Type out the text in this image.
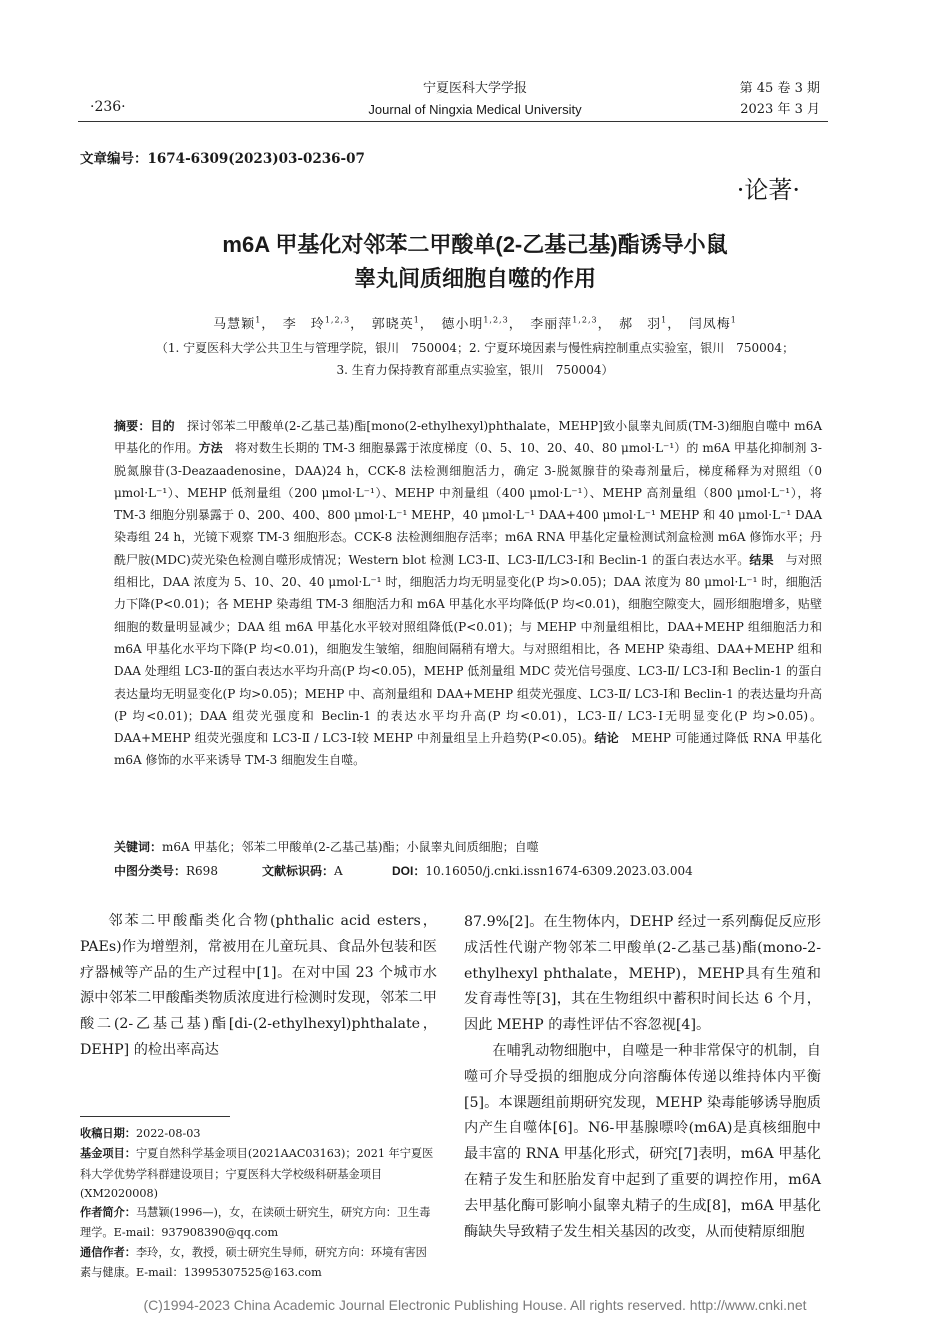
·236·
宁夏医科大学学报
Journal of Ningxia Medical University
第 45 卷 3 期
2023 年 3 月
文章编号：1674-6309(2023)03-0236-07
·论著·
m6A 甲基化对邻苯二甲酸单(2-乙基己基)酯诱导小鼠
睾丸间质细胞自噬的作用
马慧颖$^1$，　李　玲$^{1,2,3}$，　郭晓英$^1$，　德小明$^{1,2,3}$，　李丽萍$^{1,2,3}$，　郝　羽$^1$，　闫凤梅$^1$
（1. 宁夏医科大学公共卫生与管理学院，银川　750004；2. 宁夏环境因素与慢性病控制重点实验室，银川　750004；
3. 生育力保持教育部重点实验室，银川　750004）
摘要：目的　探讨邻苯二甲酸单(2-乙基己基)酯[mono(2-ethylhexyl)phthalate，MEHP]致小鼠睾丸间质(TM-3)细胞自噬中 m6A 甲基化的作用。方法　将对数生长期的 TM-3 细胞暴露于浓度梯度（0、5、10、20、40、80 μmol·L⁻¹）的 m6A 甲基化抑制剂 3-脱氮腺苷(3-Deazaadenosine，DAA)24 h，CCK-8 法检测细胞活力，确定 3-脱氮腺苷的染毒剂量后，梯度稀释为对照组（0 μmol·L⁻¹）、MEHP 低剂量组（200 μmol·L⁻¹）、MEHP 中剂量组（400 μmol·L⁻¹）、MEHP 高剂量组（800 μmol·L⁻¹），将 TM-3 细胞分别暴露于 0、200、400、800 μmol·L⁻¹ MEHP，40 μmol·L⁻¹ DAA+400 μmol·L⁻¹ MEHP 和 40 μmol·L⁻¹ DAA 染毒组 24 h，光镜下观察 TM-3 细胞形态。CCK-8 法检测细胞存活率；m6A RNA 甲基化定量检测试剂盒检测 m6A 修饰水平；丹酰尸胺(MDC)荧光染色检测自噬形成情况；Western blot 检测 LC3-Ⅱ、LC3-Ⅱ/LC3-Ⅰ和 Beclin-1 的蛋白表达水平。结果　与对照组相比，DAA 浓度为 5、10、20、40 μmol·L⁻¹ 时，细胞活力均无明显变化(P 均>0.05)；DAA 浓度为 80 μmol·L⁻¹ 时，细胞活力下降(P<0.01)；各 MEHP 染毒组 TM-3 细胞活力和 m6A 甲基化水平均降低(P 均<0.01)，细胞空隙变大，圆形细胞增多，贴壁细胞的数量明显减少；DAA 组 m6A 甲基化水平较对照组降低(P<0.01)；与 MEHP 中剂量组相比，DAA+MEHP 组细胞活力和 m6A 甲基化水平均下降(P 均<0.01)，细胞发生皱缩，细胞间隔稍有增大。与对照组相比，各 MEHP 染毒组、DAA+MEHP 组和 DAA 处理组 LC3-Ⅱ的蛋白表达水平均升高(P 均<0.05)，MEHP 低剂量组 MDC 荧光信号强度、LC3-Ⅱ/ LC3-Ⅰ和 Beclin-1 的蛋白表达量均无明显变化(P 均>0.05)；MEHP 中、高剂量组和 DAA+MEHP 组荧光强度、LC3-Ⅱ/ LC3-Ⅰ和 Beclin-1 的表达量均升高(P 均<0.01)；DAA 组荧光强度和 Beclin-1 的表达水平均升高(P 均<0.01)，LC3-Ⅱ/ LC3-Ⅰ无明显变化(P 均>0.05)。DAA+MEHP 组荧光强度和 LC3-Ⅱ / LC3-Ⅰ较 MEHP 中剂量组呈上升趋势(P<0.05)。结论　MEHP 可能通过降低 RNA 甲基化 m6A 修饰的水平来诱导 TM-3 细胞发生自噬。
关键词：m6A 甲基化；邻苯二甲酸单(2-乙基己基)酯；小鼠睾丸间质细胞；自噬
中图分类号：R698	文献标识码：A	DOI：10.16050/j.cnki.issn1674-6309.2023.03.004
邻苯二甲酸酯类化合物(phthalic acid esters，PAEs)作为增塑剂，常被用在儿童玩具、食品外包装和医疗器械等产品的生产过程中[1]。在对中国 23 个城市水源中邻苯二甲酸酯类物质浓度进行检测时发现，邻苯二甲酸二(2-乙基己基)酯[di-(2-ethylhexyl)phthalate，DEHP] 的检出率高达
收稿日期：2022-08-03
基金项目：宁夏自然科学基金项目(2021AAC03163)；2021 年宁夏医科大学优势学科群建设项目；宁夏医科大学校级科研基金项目(XM2020008)
作者简介：马慧颖(1996—)，女，在读硕士研究生，研究方向：卫生毒理学。E-mail：937908390@qq.com
通信作者：李玲，女，教授，硕士研究生导师，研究方向：环境有害因素与健康。E-mail：13995307525@163.com
87.9%[2]。在生物体内，DEHP 经过一系列酶促反应形成活性代谢产物邻苯二甲酸单(2-乙基己基)酯(mono-2-ethylhexyl phthalate，MEHP)，MEHP具有生殖和发育毒性等[3]，其在生物组织中蓄积时间长达 6 个月，因此 MEHP 的毒性评估不容忽视[4]。
在哺乳动物细胞中，自噬是一种非常保守的机制，自噬可介导受损的细胞成分向溶酶体传递以维持体内平衡[5]。本课题组前期研究发现，MEHP 染毒能够诱导胞质内产生自噬体[6]。N6-甲基腺嘌呤(m6A)是真核细胞中最丰富的 RNA 甲基化形式，研究[7]表明，m6A 甲基化在精子发生和胚胎发育中起到了重要的调控作用，m6A 去甲基化酶可影响小鼠睾丸精子的生成[8]，m6A 甲基化酶缺失导致精子发生相关基因的改变，从而使精原细胞
(C)1994-2023 China Academic Journal Electronic Publishing House. All rights reserved. http://www.cnki.net
